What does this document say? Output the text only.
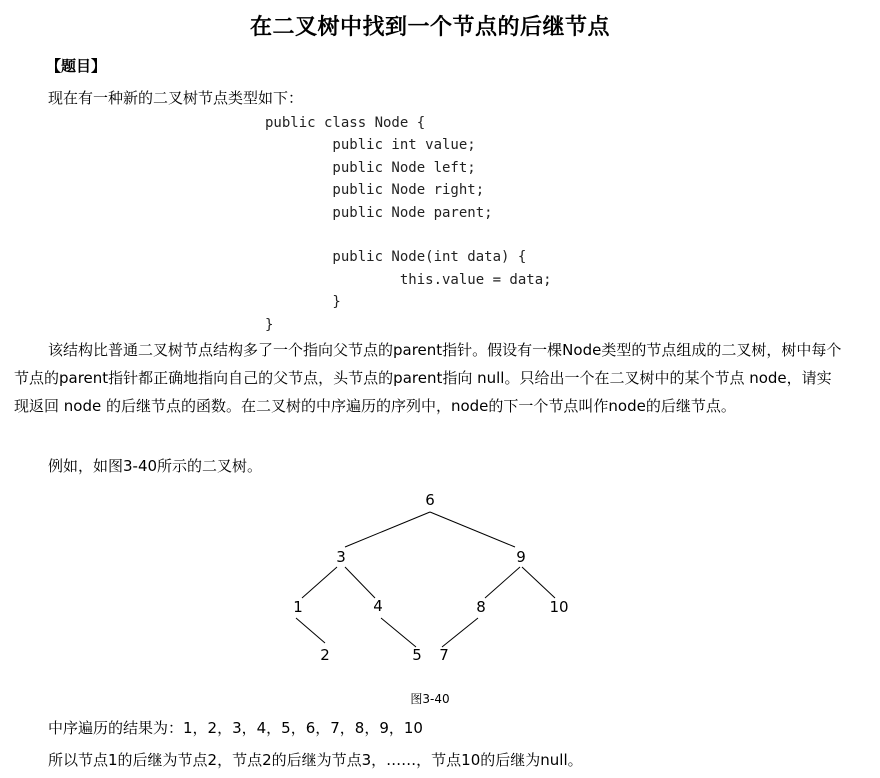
在二叉树中找到一个节点的后继节点
【题目】
现在有一种新的二叉树节点类型如下：
public class Node {
public int value;
public Node left;
public Node right;
public Node parent;
public Node(int data) {
this.value = data;
}
}
该结构比普通二叉树节点结构多了一个指向父节点的parent指针。假设有一棵Node类型的节点组成的二叉树，树中每个节点的parent指针都正确地指向自己的父节点，头节点的parent指向 null。只给出一个在二叉树中的某个节点 node，请实现返回 node 的后继节点的函数。在二叉树的中序遍历的序列中，node的下一个节点叫作node的后继节点。
例如，如图3-40所示的二叉树。
6
3	9
1	4	8	10
2	5 7
图3-40
中序遍历的结果为：1，2，3，4，5，6，7，8，9，10
所以节点1的后继为节点2，节点2的后继为节点3，……，节点10的后继为null。
